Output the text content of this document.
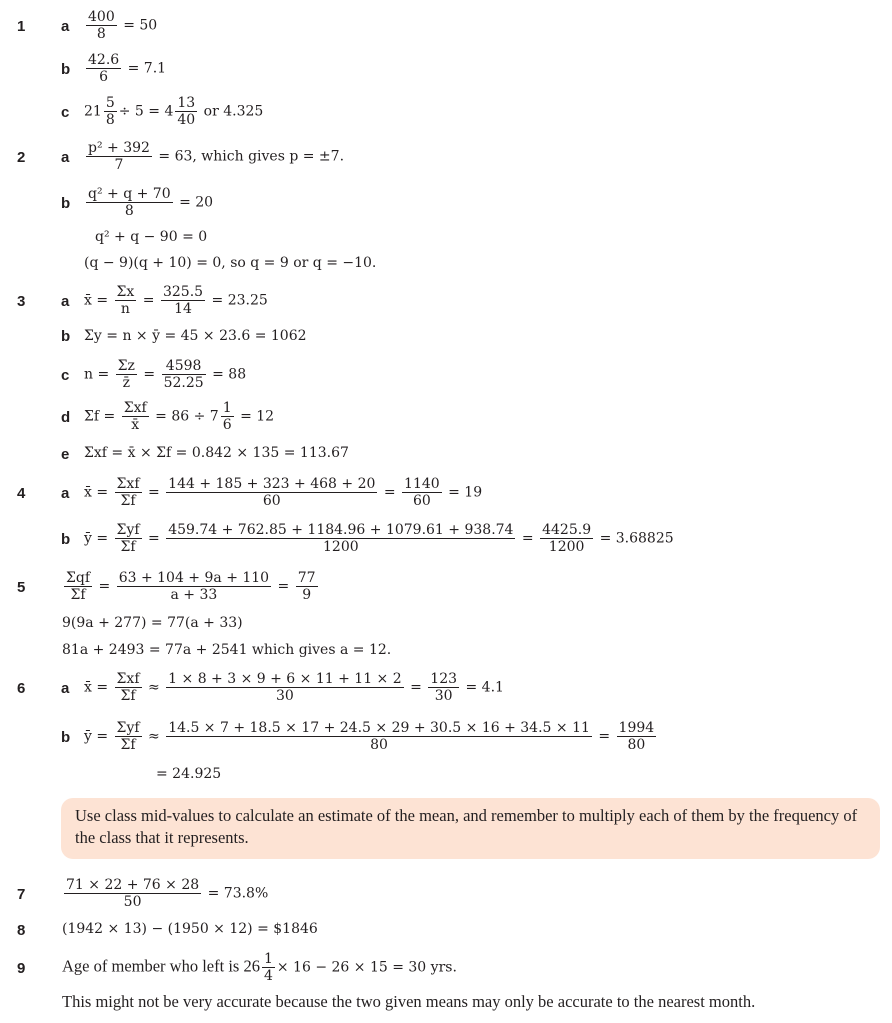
1 a $\frac{400}{8} = 50$
b $\frac{42.6}{6} = 7.1$
c $21 \frac{5}{8} \div 5 = 4 \frac{13}{40}$ or 4.325
2 a $\frac{\text{p² + 392}}{7} = 63$, which gives p = ±7.
b $\frac{\text{q² + q + 70}}{8} = 20$
q² + q − 90 = 0
(q − 9)(q + 10) = 0, so q = 9 or q = −10.
3 a x̄ = $\frac{\Sigma x}{n} = \frac{325.5}{14} = 23.25$
b Σy = n × ȳ = 45 × 23.6 = 1062
c $n = \frac{\Sigma z}{z̄} = \frac{4598}{52.25} = 88$
d $\Sigma f = \frac{\text{Σxf}}{x̄} = 86 \div 7 \frac{1}{6} = 12$
e Σxf = x̄ × Σf = 0.842 × 135 = 113.67
4 a x̄ = $\frac{\text{Σxf}}{\Sigma f} = \frac{144 + 185 + 323 + 468 + 20}{60} = \frac{1140}{60} = 19$
b ȳ = $\frac{\text{Σyf}}{\Sigma f} = \frac{459.74 + 762.85 + 1184.96 + 1079.61 + 938.74}{1200} = \frac{4425.9}{1200} = 3.68825$
5	$\frac{\text{Σqf}}{\Sigma f} = \frac{63 + 104 + 9a + 110}{a + 33} = \frac{77}{9}$
9(9a + 277) = 77(a + 33)
81a + 2493 = 77a + 2541 which gives a = 12.
6 a x̄ = $\frac{\text{Σxf}}{\Sigma f} \approx \frac{1 \times 8 + 3 \times 9 + 6 \times 11 + 11 \times 2}{30} = \frac{123}{30} = 4.1$
b ȳ = $\frac{\text{Σyf}}{\Sigma f} \approx \frac{14.5 \times 7 + 18.5 \times 17 + 24.5 \times 29 + 30.5 \times 16 + 34.5 \times 11}{80} = \frac{1994}{80}$
= 24.925
Use class mid-values to calculate an estimate of the mean, and remember to multiply each of them by the frequency of the class that it represents.
7	$\frac{71 \times 22 + 76 \times 28}{50} = 73.8\%$
8	(1942 × 13) − (1950 × 12) = $1846
9 Age of member who left is $26 \frac{1}{4} \times 16 - 26 \times 15 = 30$ yrs.
This might not be very accurate because the two given means may only be accurate to the nearest month.
